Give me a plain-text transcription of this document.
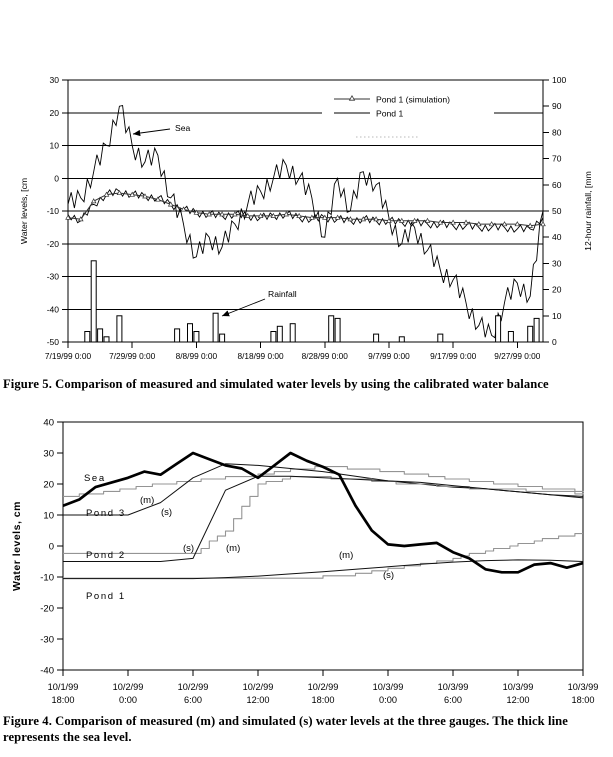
-50
-40
-30
-20
-10
0
10
20
30
0
10
20
30
40
50
60
70
80
90
100
7/19/99 0:00 7/29/99 0:00 8/8/99 0:00 8/18/99 0:00 8/28/99 0:00 9/7/99 0:00 9/17/99 0:00 9/27/99 0:00
Water levels, [cm	12-hour rainfall, [mm
Pond 1 (simulation)
Pond 1
Sea
Rainfall

Figure 5. Comparison of measured and simulated water levels by using the calibrated water balance

-40
-30
-20
-10
0
10
20
30
40
10/1/99 18:00
10/2/99 0:00
10/2/99 6:00
10/2/99 12:00
10/2/99 18:00
10/3/99 0:00
10/3/99 6:00
10/3/99 12:00
10/3/99 18:00
Water levels, cm
Sea
Pond 3
(m)
(s)
Pond 2
(s)	(m)
Pond 1
(m)
(s)

Figure 4. Comparison of measured (m) and simulated (s) water levels at the three gauges. The thick line represents the sea level.
